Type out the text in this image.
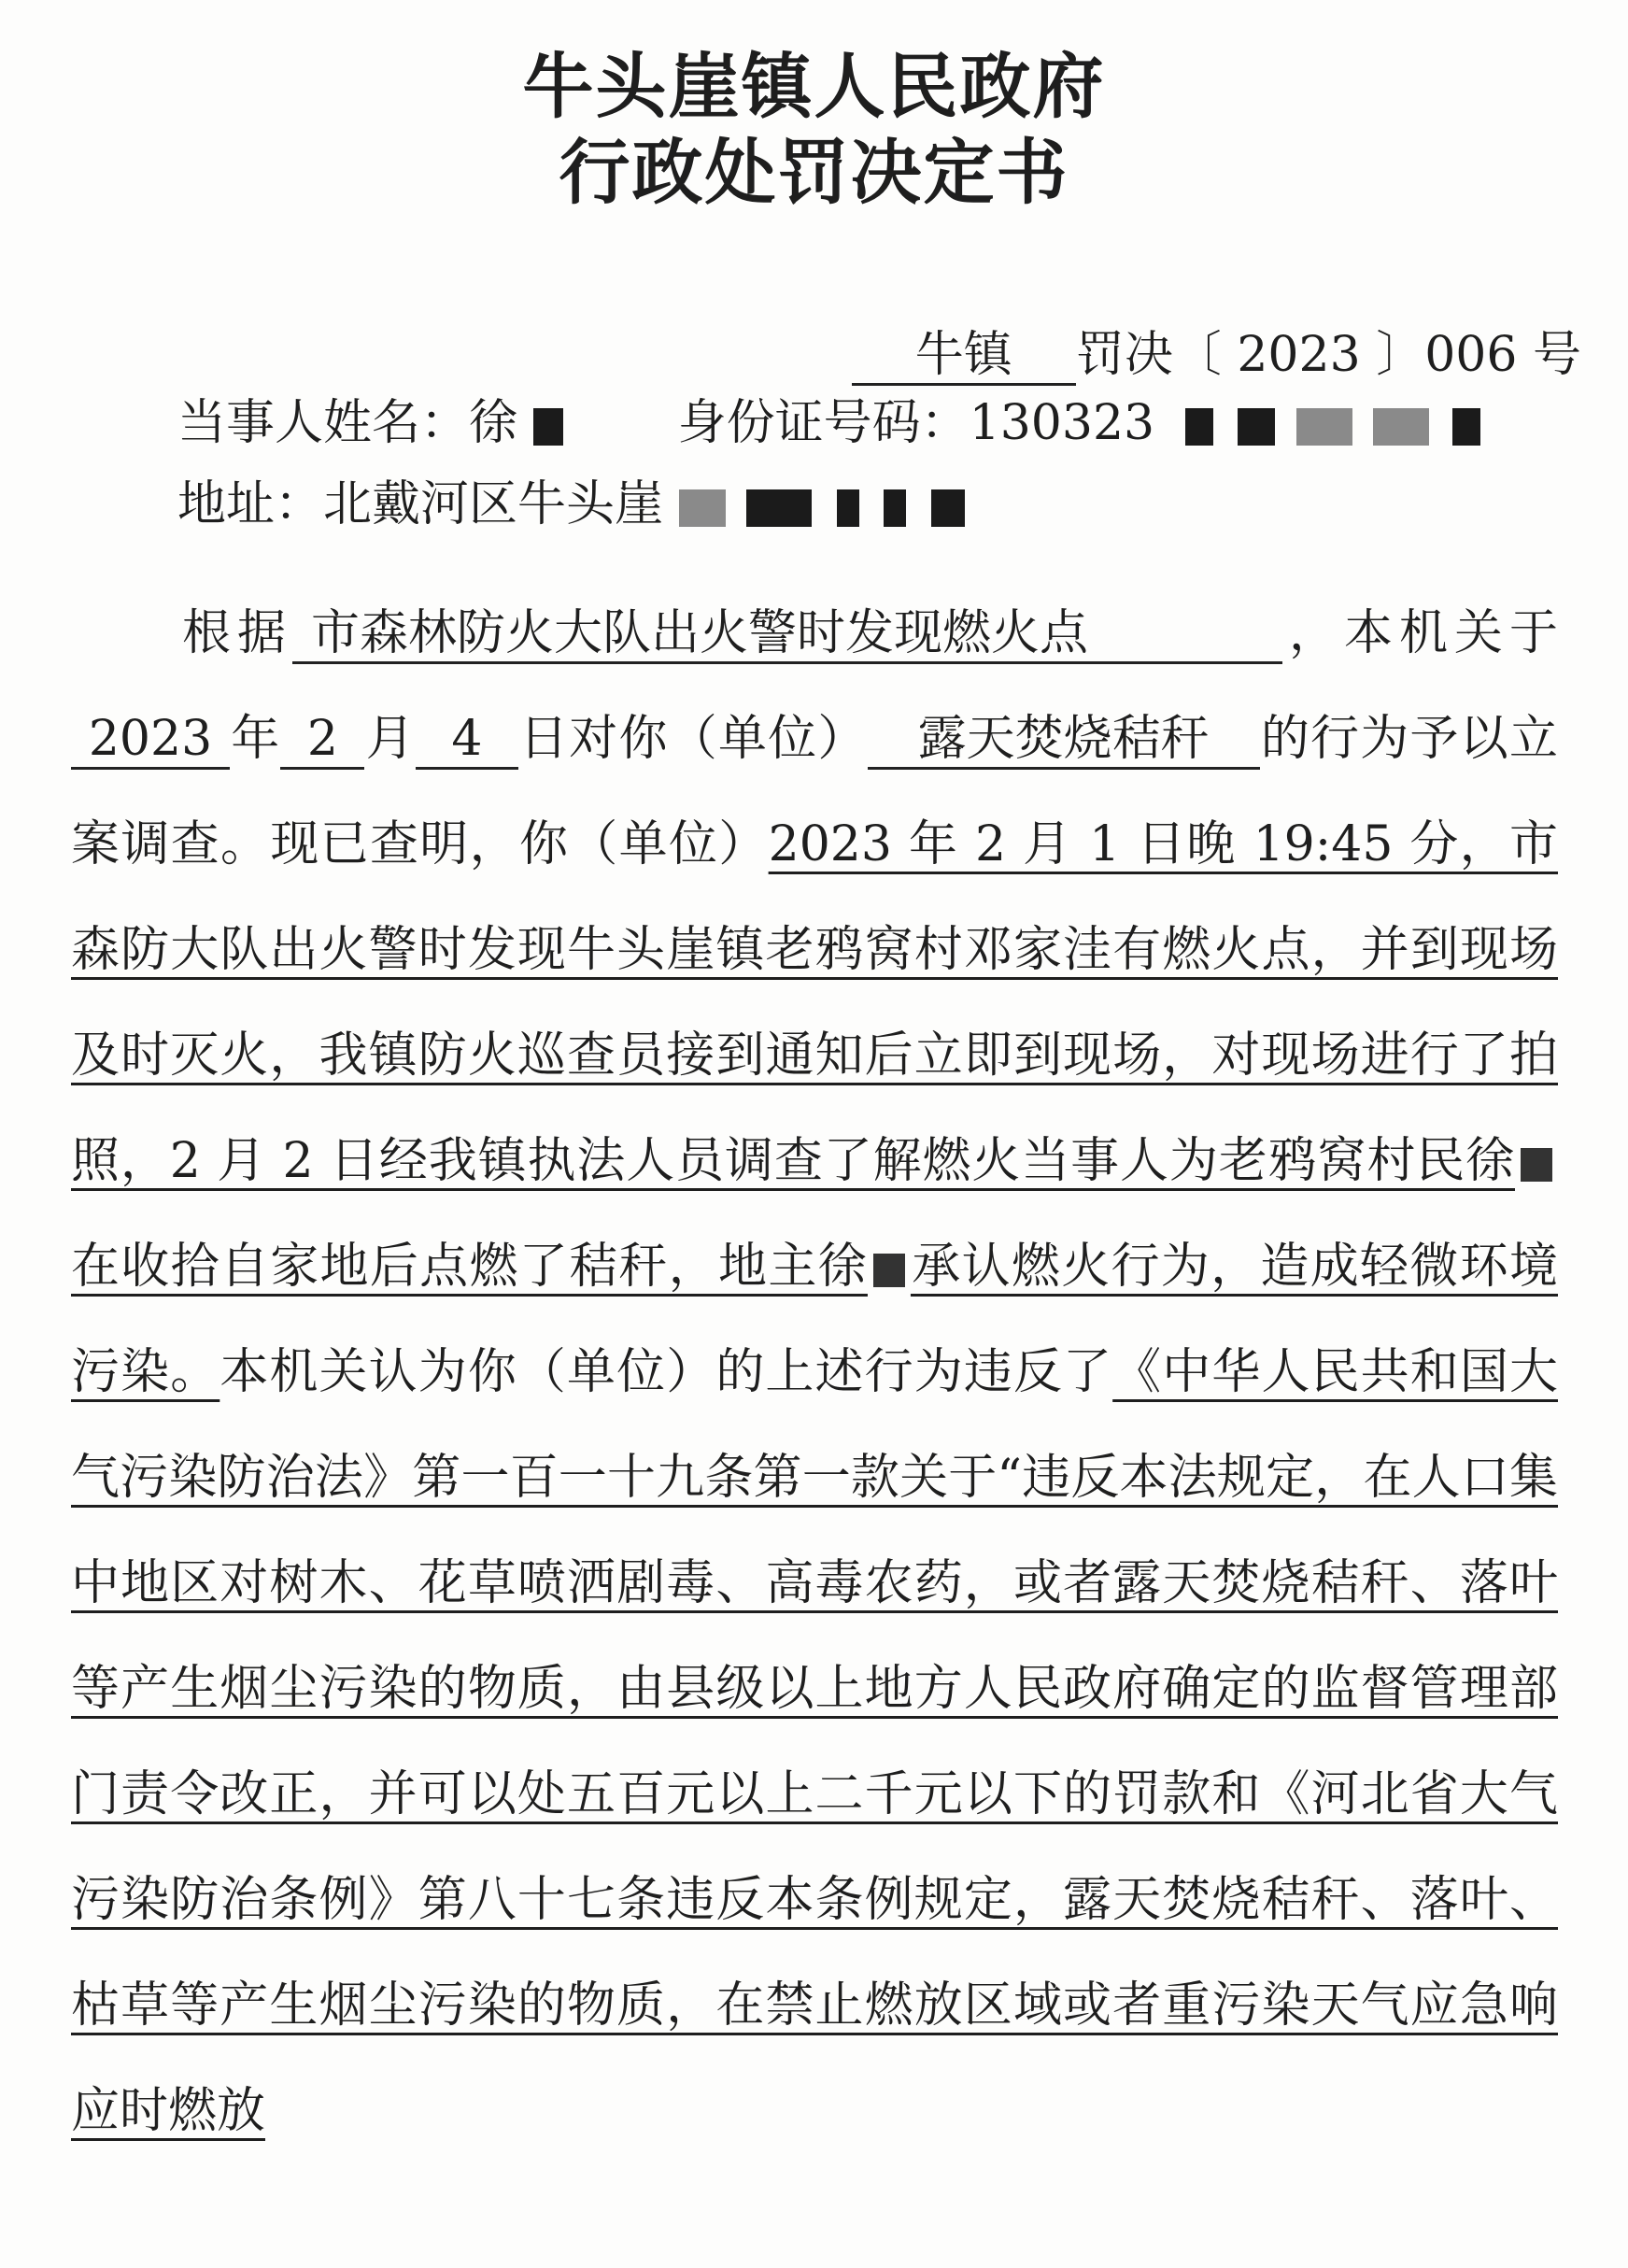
牛头崖镇人民政府
行政处罚决定书
牛镇 罚决〔 2023 〕006 号
当事人姓名：徐	身份证号码：130323
地址：北戴河区牛头崖
根据 市森林防火大队出火警时发现燃火点	，本机关于2023 年 2 月 4 日对你（单位） 露天焚烧秸秆 的行为予以立案调查。现已查明，你（单位）2023 年 2 月 1 日晚 19:45 分，市森防大队出火警时发现牛头崖镇老鸦窝村邓家洼有燃火点，并到现场及时灭火，我镇防火巡查员接到通知后立即到现场，对现场进行了拍照，2 月 2 日经我镇执法人员调查了解燃火当事人为老鸦窝村民徐在收拾自家地后点燃了秸秆，地主徐 承认燃火行为，造成轻微环境污染。本机关认为你（单位）的上述行为违反了《中华人民共和国大气污染防治法》第一百一十九条第一款关于“违反本法规定，在人口集中地区对树木、花草喷洒剧毒、高毒农药，或者露天焚烧秸秆、落叶等产生烟尘污染的物质，由县级以上地方人民政府确定的监督管理部门责令改正，并可以处五百元以上二千元以下的罚款和《河北省大气污染防治条例》第八十七条违反本条例规定，露天焚烧秸秆、落叶、枯草等产生烟尘污染的物质，在禁止燃放区域或者重污染天气应急响应时燃放
